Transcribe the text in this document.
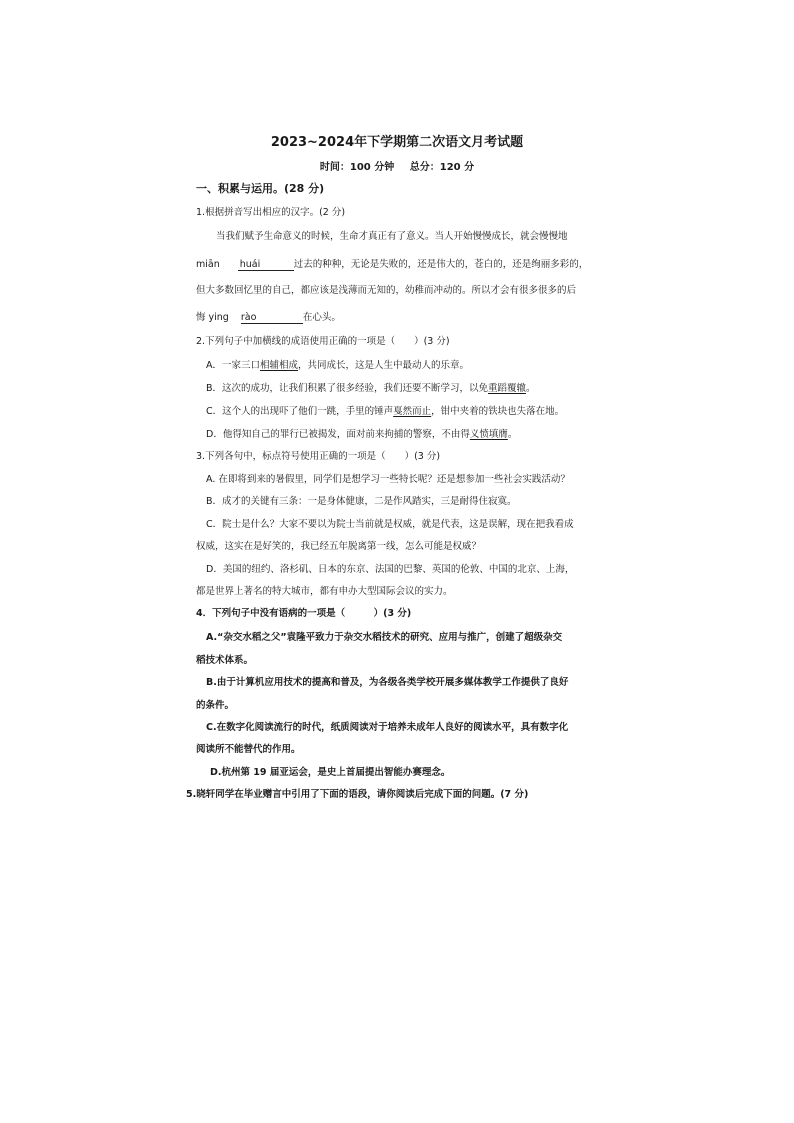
2023~2024年下学期第二次语文月考试题
时间：100 分钟 总分：120 分
一、积累与运用。(28 分)
1.根据拼音写出相应的汉字。(2 分)
当我们赋予生命意义的时候，生命才真正有了意义。当人开始慢慢成长，就会慢慢地
miān huái	过去的种种，无论是失败的，还是伟大的，苍白的，还是绚丽多彩的，
但大多数回忆里的自己，都应该是浅薄而无知的，幼稚而冲动的。所以才会有很多很多的后
悔 ying rào	在心头。
2.下列句子中加横线的成语使用正确的一项是（　　）(3 分)
A．一家三口相辅相成，共同成长，这是人生中最动人的乐章。
B．这次的成功，让我们积累了很多经验，我们还要不断学习，以免重蹈覆辙。
C．这个人的出现吓了他们一跳，手里的锤声戛然而止，钳中夹着的铁块也失落在地。
D．他得知自己的罪行已被揭发，面对前来拘捕的警察，不由得义愤填膺。
3.下列各句中，标点符号使用正确的一项是（　　）(3 分)
A. 在即将到来的暑假里，同学们是想学习一些特长呢？还是想参加一些社会实践活动？
B．成才的关键有三条：一是身体健康，二是作风踏实，三是耐得住寂寞。
C．院士是什么？大家不要以为院士当前就是权威，就是代表，这是误解，现在把我看成
权威，这实在是好笑的，我已经五年脱离第一线，怎么可能是权威？
D．美国的纽约、洛杉矶、日本的东京、法国的巴黎、英国的伦敦、中国的北京、上海，
都是世界上著名的特大城市，都有申办大型国际会议的实力。
4．下列句子中没有语病的一项是（　　　）(3 分)
A.“杂交水稻之父”袁隆平致力于杂交水稻技术的研究、应用与推广，创建了超级杂交
稻技术体系。
B.由于计算机应用技术的提高和普及，为各级各类学校开展多媒体教学工作提供了良好
的条件。
C.在数字化阅读流行的时代，纸质阅读对于培养未成年人良好的阅读水平，具有数字化
阅读所不能替代的作用。
D.杭州第 19 届亚运会，是史上首届提出智能办赛理念。
5.晓轩同学在毕业赠言中引用了下面的语段，请你阅读后完成下面的问题。(7 分)
